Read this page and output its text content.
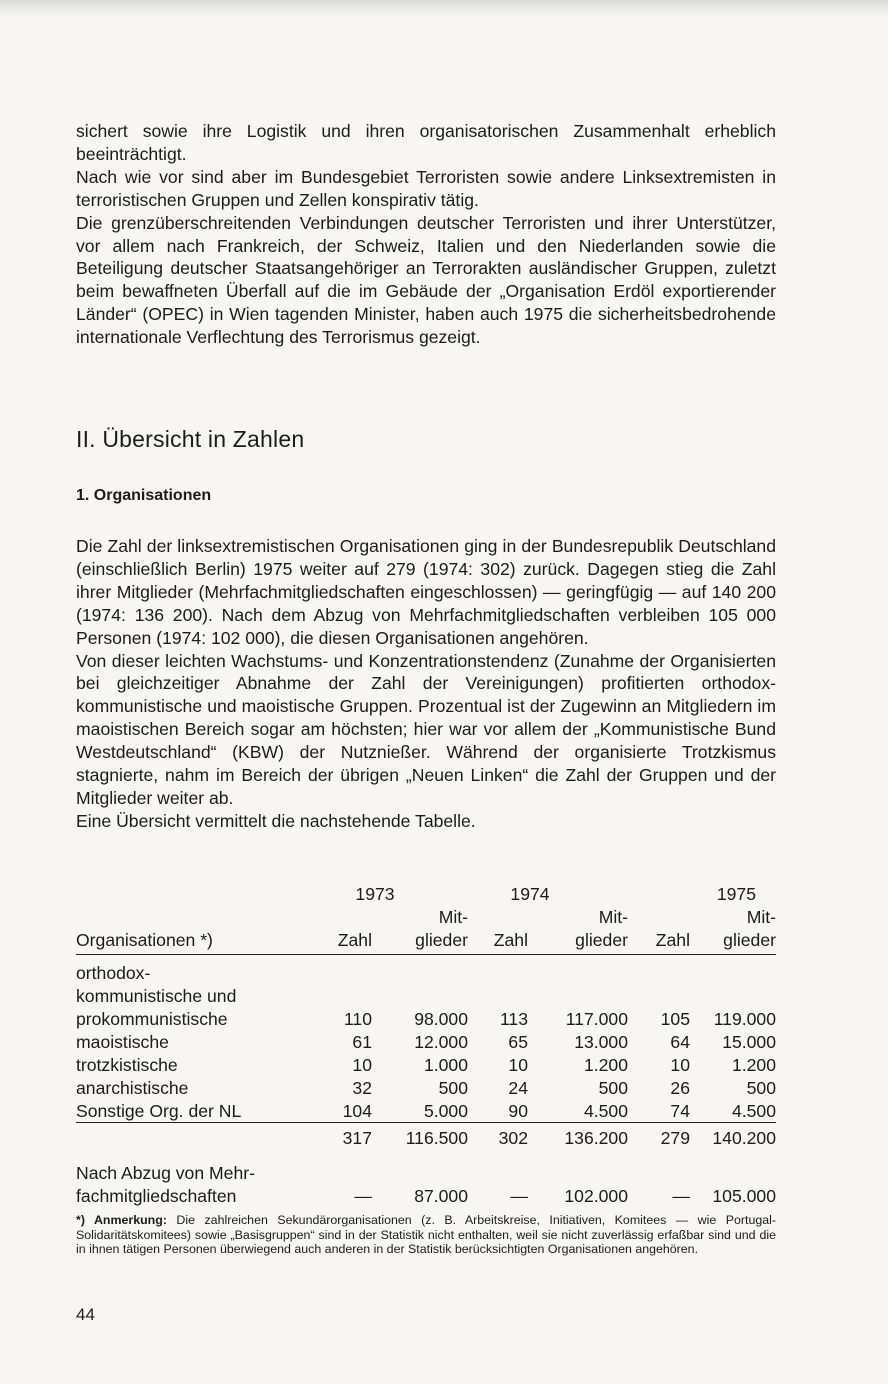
sichert sowie ihre Logistik und ihren organisatorischen Zusammenhalt erheblich beeinträchtigt.

Nach wie vor sind aber im Bundesgebiet Terroristen sowie andere Linksextremisten in terroristischen Gruppen und Zellen konspirativ tätig.

Die grenzüberschreitenden Verbindungen deutscher Terroristen und ihrer Unterstützer, vor allem nach Frankreich, der Schweiz, Italien und den Niederlanden sowie die Beteiligung deutscher Staatsangehöriger an Terrorakten ausländischer Gruppen, zuletzt beim bewaffneten Überfall auf die im Gebäude der „Organisation Erdöl exportierender Länder“ (OPEC) in Wien tagenden Minister, haben auch 1975 die sicherheitsbedrohende internationale Verflechtung des Terrorismus gezeigt.

II. Übersicht in Zahlen
1. Organisationen

Die Zahl der linksextremistischen Organisationen ging in der Bundesrepublik Deutschland (einschließlich Berlin) 1975 weiter auf 279 (1974: 302) zurück. Dagegen stieg die Zahl ihrer Mitglieder (Mehrfachmitgliedschaften eingeschlossen) — geringfügig — auf 140 200 (1974: 136 200). Nach dem Abzug von Mehrfachmitgliedschaften verbleiben 105 000 Personen (1974: 102 000), die diesen Organisationen angehören.

Von dieser leichten Wachstums- und Konzentrationstendenz (Zunahme der Organisierten bei gleichzeitiger Abnahme der Zahl der Vereinigungen) profitierten orthodox-kommunistische und maoistische Gruppen. Prozentual ist der Zugewinn an Mitgliedern im maoistischen Bereich sogar am höchsten; hier war vor allem der „Kommunistische Bund Westdeutschland“ (KBW) der Nutznießer. Während der organisierte Trotzkismus stagnierte, nahm im Bereich der übrigen „Neuen Linken“ die Zahl der Gruppen und der Mitglieder weiter ab.

Eine Übersicht vermittelt die nachstehende Tabelle.

	1973		1974		1975	
		Mit-		Mit-		Mit-
Organisationen *)	Zahl	glieder	Zahl	glieder	Zahl	glieder
orthodox-						
kommunistische und						
prokommunistische	110	98.000	113	117.000	105	119.000
maoistische	61	12.000	65	13.000	64	15.000
trotzkistische	10	1.000	10	1.200	10	1.200
anarchistische	32	500	24	500	26	500
Sonstige Org. der NL	104	5.000	90	4.500	74	4.500
	317	116.500	302	136.200	279	140.200
Nach Abzug von Mehr-						
fachmitgliedschaften	—	87.000	—	102.000	—	105.000

*) Anmerkung: Die zahlreichen Sekundärorganisationen (z. B. Arbeitskreise, Initiativen, Komitees — wie Portugal-Solidaritätskomitees) sowie „Basisgruppen“ sind in der Statistik nicht enthalten, weil sie nicht zuverlässig erfaßbar sind und die in ihnen tätigen Personen überwiegend auch anderen in der Statistik berücksichtigten Organisationen angehören.

44
